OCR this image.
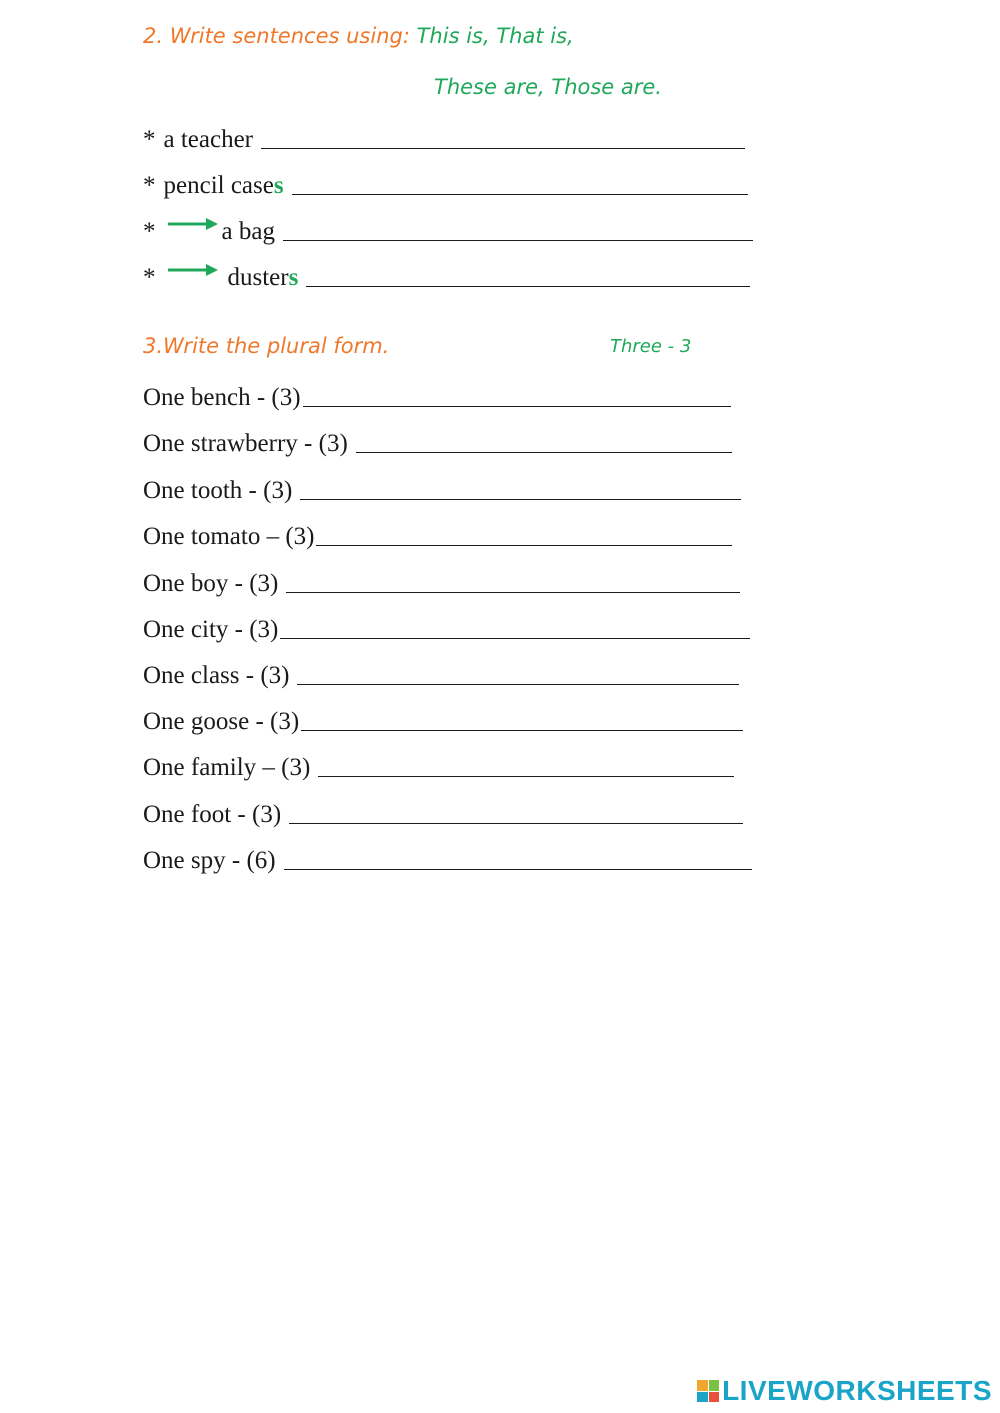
2. Write sentences using: This is, That is,
These are, Those are.
* a teacher
* pencil case s
*	a bag
*	duster s
3.Write the plural form.	Three - 3
One bench - (3)
One strawberry - (3)
One tooth - (3)
One tomato – (3)
One boy - (3)
One city - (3)
One class - (3)
One goose - (3)
One family – (3)
One foot - (3)
One spy - (6)
LIVEWORKSHEETS
